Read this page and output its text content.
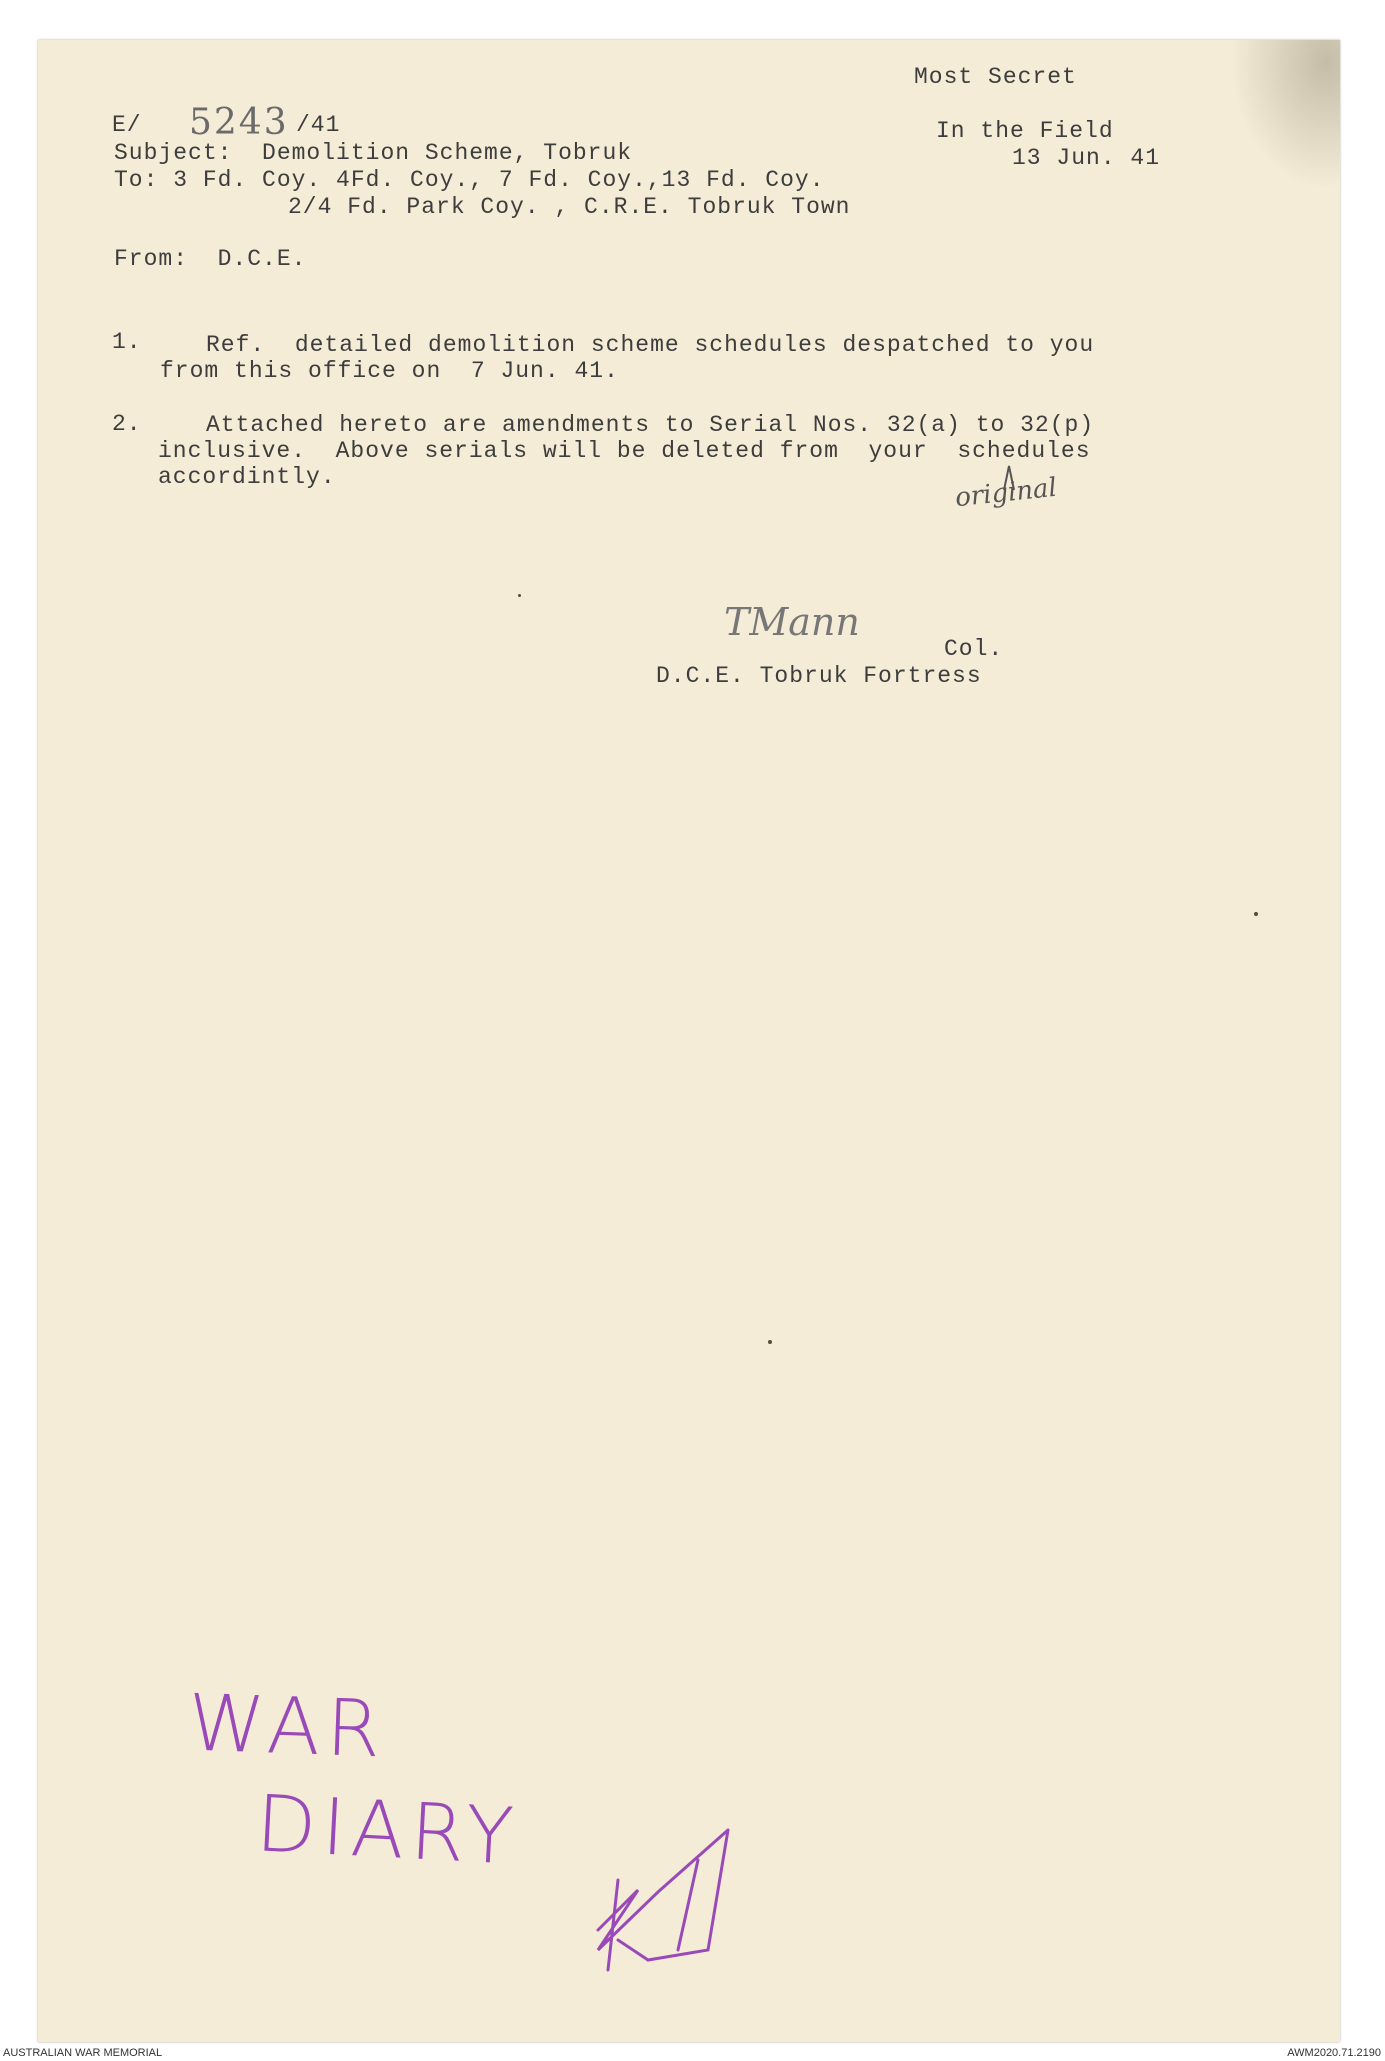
Most Secret
E/ 5243 /41	In the Field
13 Jun. 41
Subject:  Demolition Scheme, Tobruk
To: 3 Fd. Coy. 4Fd. Coy., 7 Fd. Coy.,13 Fd. Coy.
2/4 Fd. Park Coy. , C.R.E. Tobruk Town
From:  D.C.E.
1.	Ref.  detailed demolition scheme schedules despatched to you
from this office on  7 Jun. 41.
2.	Attached hereto are amendments to Serial Nos. 32(a) to 32(p)
inclusive.  Above serials will be deleted from  your  schedules
accordintly.	original
TMann
Col.
D.C.E. Tobruk Fortress
WAR
DIARY
AUSTRALIAN WAR MEMORIAL	AWM2020.71.2190
